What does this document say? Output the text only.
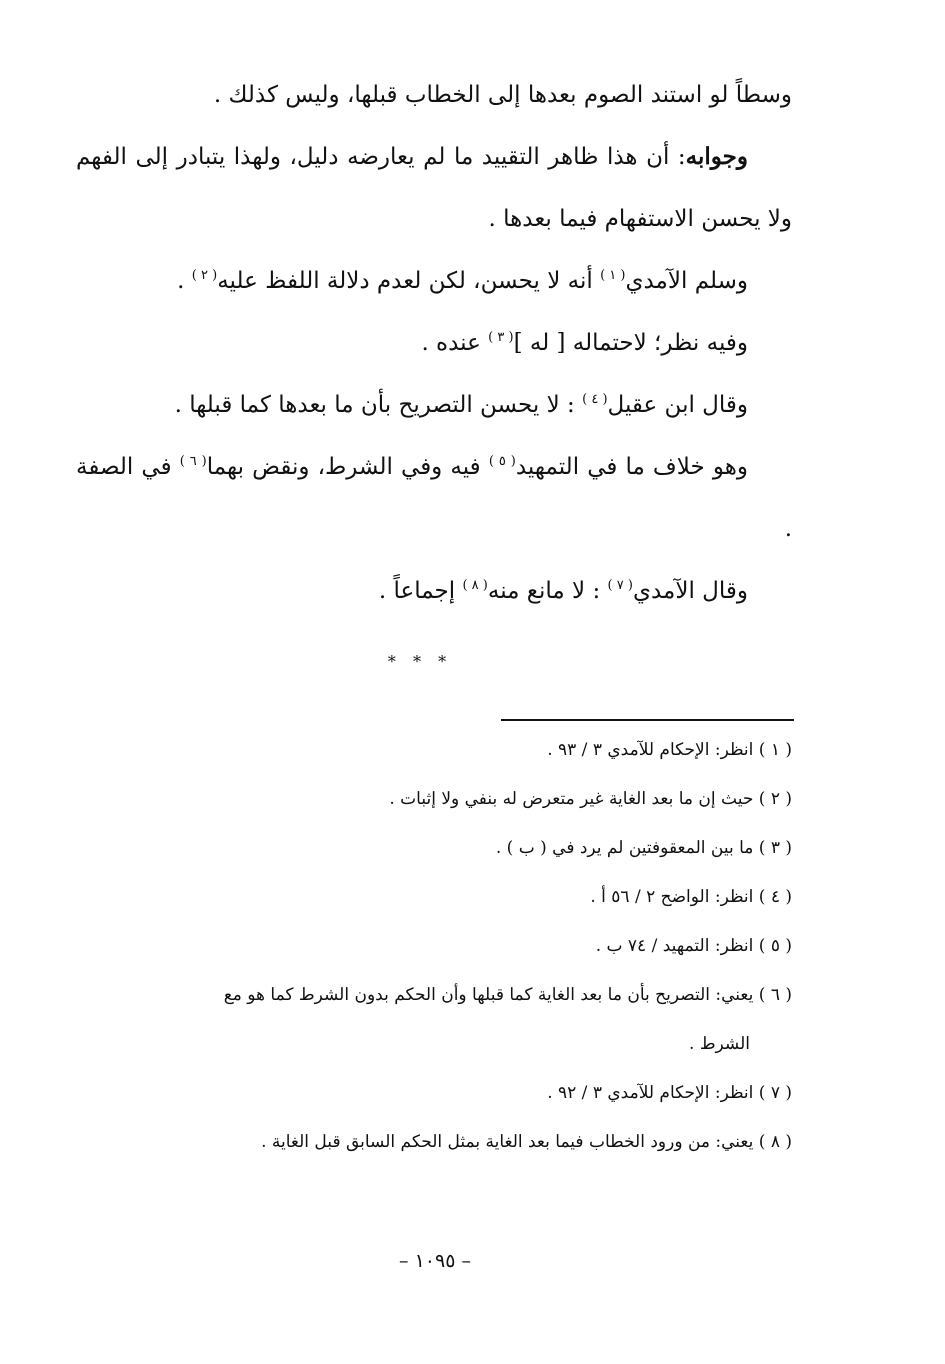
وسطاً لو استند الصوم بعدها إلى الخطاب قبلها، وليس كذلك .

وجوابه: أن هذا ظاهر التقييد ما لم يعارضه دليل، ولهذا يتبادر إلى الفهم ولا يحسن الاستفهام فيما بعدها .

وسلم الآمدي$^{( ١ )}$ أنه لا يحسن، لكن لعدم دلالة اللفظ عليه$^{( ٢ )}$ .

وفيه نظر؛ لاحتماله [ له ]$^{( ٣ )}$ عنده .

وقال ابن عقيل$^{( ٤ )}$ : لا يحسن التصريح بأن ما بعدها كما قبلها .

وهو خلاف ما في التمهيد$^{( ٥ )}$ فيه وفي الشرط، ونقض بهما$^{( ٦ )}$ في الصفة .

وقال الآمدي$^{( ٧ )}$ : لا مانع منه$^{( ٨ )}$ إجماعاً .

* * *

( ١ ) انظر: الإحكام للآمدي ٣ / ٩٣ .

( ٢ ) حيث إن ما بعد الغاية غير متعرض له بنفي ولا إثبات .

( ٣ ) ما بين المعقوفتين لم يرد في ( ب ) .

( ٤ ) انظر: الواضح ٢ / ٥٦ أ .

( ٥ ) انظر: التمهيد / ٧٤ ب .

( ٦ ) يعني: التصريح بأن ما بعد الغاية كما قبلها وأن الحكم بدون الشرط كما هو مع

الشرط .

( ٧ ) انظر: الإحكام للآمدي ٣ / ٩٢ .

( ٨ ) يعني: من ورود الخطاب فيما بعد الغاية بمثل الحكم السابق قبل الغاية .

– ١٠٩٥ –
